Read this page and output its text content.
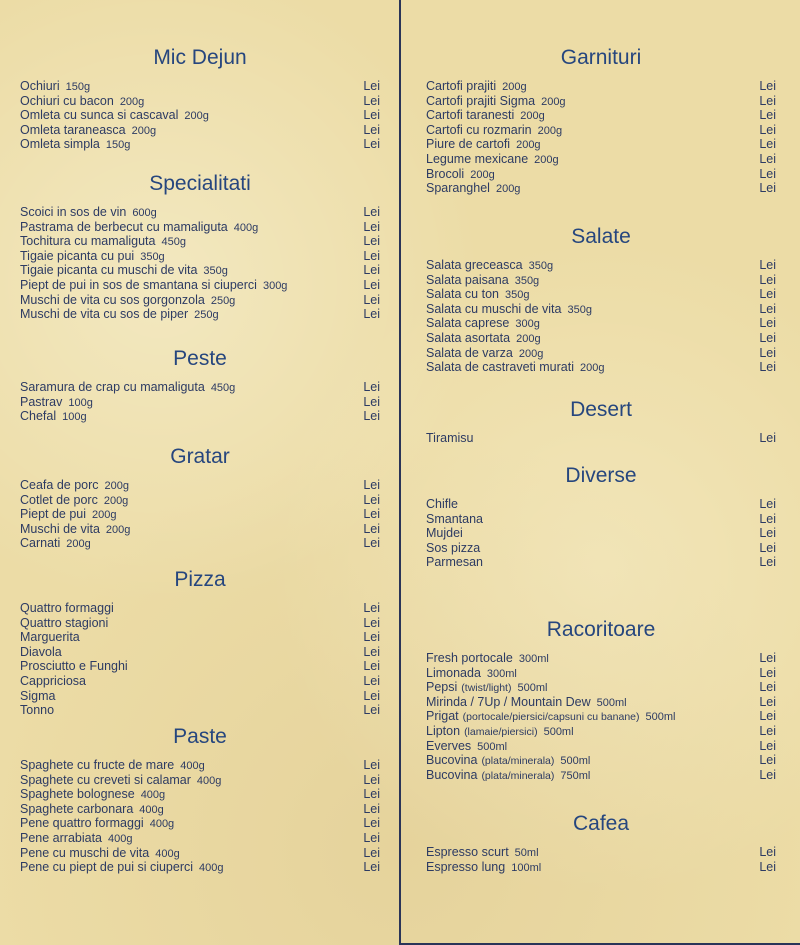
Mic Dejun
Ochiuri 150g	Lei
Ochiuri cu bacon 200g	Lei
Omleta cu sunca si cascaval 200g	Lei
Omleta taraneasca 200g	Lei
Omleta simpla 150g	Lei
Specialitati
Scoici in sos de vin 600g	Lei
Pastrama de berbecut cu mamaliguta 400g	Lei
Tochitura cu mamaliguta 450g	Lei
Tigaie picanta cu pui 350g	Lei
Tigaie picanta cu muschi de vita 350g	Lei
Piept de pui in sos de smantana si ciuperci 300g	Lei
Muschi de vita cu sos gorgonzola 250g	Lei
Muschi de vita cu sos de piper 250g	Lei
Peste
Saramura de crap cu mamaliguta 450g	Lei
Pastrav 100g	Lei
Chefal 100g	Lei
Gratar
Ceafa de porc 200g	Lei
Cotlet de porc 200g	Lei
Piept de pui 200g	Lei
Muschi de vita 200g	Lei
Carnati 200g	Lei
Pizza
Quattro formaggi	Lei
Quattro stagioni	Lei
Marguerita	Lei
Diavola	Lei
Prosciutto e Funghi	Lei
Cappriciosa	Lei
Sigma	Lei
Tonno	Lei
Paste
Spaghete cu fructe de mare 400g	Lei
Spaghete cu creveti si calamar 400g	Lei
Spaghete bolognese 400g	Lei
Spaghete carbonara 400g	Lei
Pene quattro formaggi 400g	Lei
Pene arrabiata 400g	Lei
Pene cu muschi de vita 400g	Lei
Pene cu piept de pui si ciuperci 400g	Lei
Garnituri
Cartofi prajiti 200g	Lei
Cartofi prajiti Sigma 200g	Lei
Cartofi taranesti 200g	Lei
Cartofi cu rozmarin 200g	Lei
Piure de cartofi 200g	Lei
Legume mexicane 200g	Lei
Brocoli 200g	Lei
Sparanghel 200g	Lei
Salate
Salata greceasca 350g	Lei
Salata paisana 350g	Lei
Salata cu ton 350g	Lei
Salata cu muschi de vita 350g	Lei
Salata caprese 300g	Lei
Salata asortata 200g	Lei
Salata de varza 200g	Lei
Salata de castraveti murati 200g	Lei
Desert
Tiramisu	Lei
Diverse
Chifle	Lei
Smantana	Lei
Mujdei	Lei
Sos pizza	Lei
Parmesan	Lei
Racoritoare
Fresh portocale 300ml	Lei
Limonada 300ml	Lei
Pepsi (twist/light) 500ml	Lei
Mirinda / 7Up / Mountain Dew 500ml	Lei
Prigat (portocale/piersici/capsuni cu banane) 500ml	Lei
Lipton (lamaie/piersici) 500ml	Lei
Everves 500ml	Lei
Bucovina (plata/minerala) 500ml	Lei
Bucovina (plata/minerala) 750ml	Lei
Cafea
Espresso scurt 50ml	Lei
Espresso lung 100ml	Lei
